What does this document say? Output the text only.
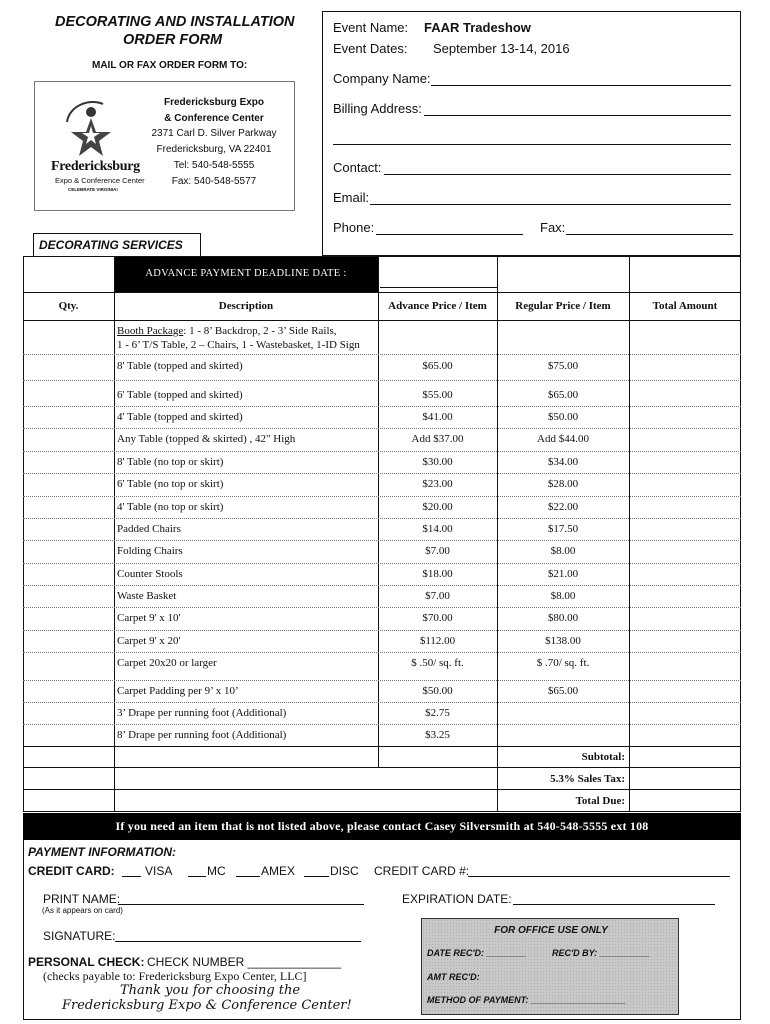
DECORATING AND INSTALLATION
ORDER FORM
MAIL OR FAX ORDER FORM TO:
Fredericksburg
Expo & Conference Center
CELEBRATE VIRGINIA!
Fredericksburg Expo
& Conference Center
2371 Carl D. Silver Parkway
Fredericksburg, VA 22401
Tel: 540-548-5555
Fax: 540-548-5577
Event Name: FAAR Tradeshow
Event Dates: September 13-14, 2016
Company Name:
Billing Address:
Contact:
Email:
Phone:	Fax:
DECORATING SERVICES
ADVANCE PAYMENT DEADLINE DATE :
Qty.	Description	Advance Price / Item	Regular Price / Item	Total Amount
Booth Package: 1 - 8’ Backdrop, 2 - 3’ Side Rails,
1 - 6’ T/S Table, 2 – Chairs, 1 - Wastebasket, 1-ID Sign
8' Table (topped and skirted)	$65.00	$75.00
6' Table (topped and skirted)	$55.00	$65.00
4' Table (topped and skirted)	$41.00	$50.00
Any Table (topped & skirted) , 42" High	Add $37.00	Add $44.00
8' Table (no top or skirt)	$30.00	$34.00
6' Table (no top or skirt)	$23.00	$28.00
4' Table (no top or skirt)	$20.00	$22.00
Padded Chairs	$14.00	$17.50
Folding Chairs	$7.00	$8.00
Counter Stools	$18.00	$21.00
Waste Basket	$7.00	$8.00
Carpet 9' x 10'	$70.00	$80.00
Carpet 9' x 20'	$112.00	$138.00
Carpet 20x20 or larger	$ .50/ sq. ft.	$ .70/ sq. ft.
Carpet Padding per 9’ x 10’	$50.00	$65.00
3’ Drape per running foot (Additional)	$2.75
8’ Drape per running foot (Additional)	$3.25
Subtotal:
5.3% Sales Tax:
Total Due:
If you need an item that is not listed above, please contact Casey Silversmith at 540-548-5555 ext 108
PAYMENT INFORMATION:
CREDIT CARD:	VISA	MC	AMEX	DISC CREDIT CARD #:
PRINT NAME:
(As it appears on card)
EXPIRATION DATE:
SIGNATURE:
PERSONAL CHECK: CHECK NUMBER ______________
(checks payable to: Fredericksburg Expo Center, LLC]
Thank you for choosing the
Fredericksburg Expo & Conference Center!
FOR OFFICE USE ONLY
DATE REC'D: ________	REC'D BY: __________
AMT REC'D:
METHOD OF PAYMENT: ___________________
